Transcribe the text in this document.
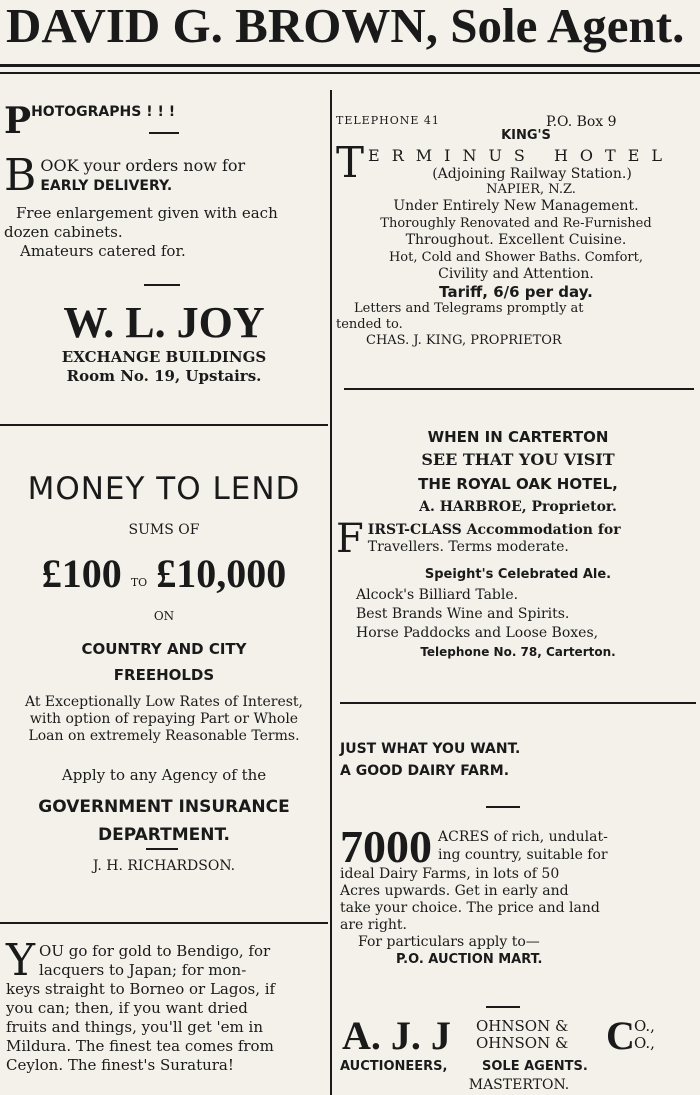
DAVID G. BROWN, Sole Agent.
PHOTOGRAPHS ! ! !
B OOK your orders now for
EARLY DELIVERY.
Free enlargement given with each
dozen cabinets.
Amateurs catered for.
W. L. JOY
EXCHANGE BUILDINGS
Room No. 19, Upstairs.
MONEY TO LEND
SUMS OF
£100 TO £10,000
ON
COUNTRY AND CITY
FREEHOLDS
At Exceptionally Low Rates of Interest,
with option of repaying Part or Whole
Loan on extremely Reasonable Terms.
Apply to any Agency of the
GOVERNMENT INSURANCE
DEPARTMENT.
J. H. RICHARDSON.
Y OU go for gold to Bendigo, for
lacquers to Japan; for mon-
keys straight to Borneo or Lagos, if
you can; then, if you want dried
fruits and things, you'll get 'em in
Mildura. The finest tea comes from
Ceylon. The finest's Suratura!
TELEPHONE 41	P.O. Box 9
KING'S
T ERMINUS HOTEL
(Adjoining Railway Station.)
NAPIER, N.Z.
Under Entirely New Management.
Thoroughly Renovated and Re-Furnished
Throughout. Excellent Cuisine.
Hot, Cold and Shower Baths. Comfort,
Civility and Attention.
Tariff, 6/6 per day.
Letters and Telegrams promptly at
tended to.
CHAS. J. KING, PROPRIETOR
WHEN IN CARTERTON
SEE THAT YOU VISIT
THE ROYAL OAK HOTEL,
A. HARBROE, Proprietor.
F IRST-CLASS Accommodation for
Travellers. Terms moderate.
Speight's Celebrated Ale.
Alcock's Billiard Table.
Best Brands Wine and Spirits.
Horse Paddocks and Loose Boxes,
Telephone No. 78, Carterton.
JUST WHAT YOU WANT.
A GOOD DAIRY FARM.
7000 ACRES of rich, undulat-
ing country, suitable for
ideal Dairy Farms, in lots of 50
Acres upwards. Get in early and
take your choice. The price and land
are right.
For particulars apply to—
P.O. AUCTION MART.
A. J. J OHNSON &
OHNSON & C O.,
O.,
AUCTIONEERS,	SOLE AGENTS.
MASTERTON.
